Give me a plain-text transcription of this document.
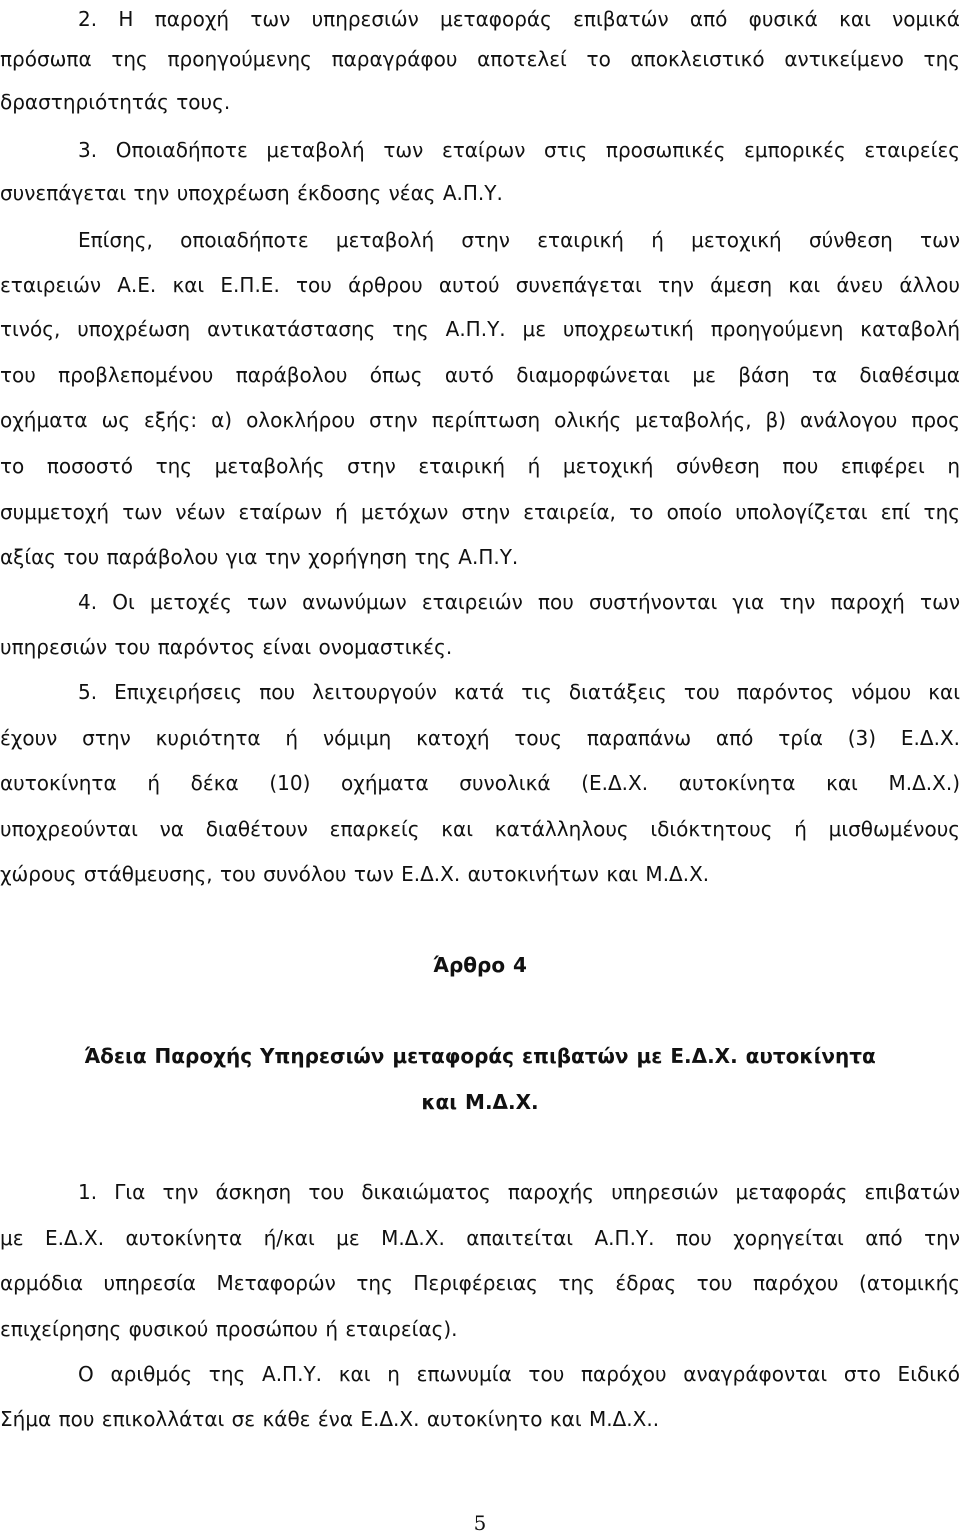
2. Η παροχή των υπηρεσιών μεταφοράς επιβατών από φυσικά και νομικά
πρόσωπα της προηγούμενης παραγράφου αποτελεί το αποκλειστικό αντικείμενο της
δραστηριότητάς τους.
3. Οποιαδήποτε μεταβολή των εταίρων στις προσωπικές εμπορικές εταιρείες
συνεπάγεται την υποχρέωση έκδοσης νέας Α.Π.Υ.
Επίσης, οποιαδήποτε μεταβολή στην εταιρική ή μετοχική σύνθεση των
εταιρειών Α.Ε. και Ε.Π.Ε. του άρθρου αυτού συνεπάγεται την άμεση και άνευ άλλου
τινός, υποχρέωση αντικατάστασης της Α.Π.Υ. με υποχρεωτική προηγούμενη καταβολή
του προβλεπομένου παράβολου όπως αυτό διαμορφώνεται με βάση τα διαθέσιμα
οχήματα ως εξής: α) ολοκλήρου στην περίπτωση ολικής μεταβολής, β) ανάλογου προς
το ποσοστό της μεταβολής στην εταιρική ή μετοχική σύνθεση που επιφέρει η
συμμετοχή των νέων εταίρων ή μετόχων στην εταιρεία, το οποίο υπολογίζεται επί της
αξίας του παράβολου για την χορήγηση της Α.Π.Υ.
4. Οι μετοχές των ανωνύμων εταιρειών που συστήνονται για την παροχή των
υπηρεσιών του παρόντος είναι ονομαστικές.
5. Επιχειρήσεις που λειτουργούν κατά τις διατάξεις του παρόντος νόμου και
έχουν στην κυριότητα ή νόμιμη κατοχή τους παραπάνω από τρία (3) Ε.Δ.Χ.
αυτοκίνητα ή δέκα (10) οχήματα συνολικά (Ε.Δ.Χ. αυτοκίνητα και Μ.Δ.Χ.)
υποχρεούνται να διαθέτουν επαρκείς και κατάλληλους ιδιόκτητους ή μισθωμένους
χώρους στάθμευσης, του συνόλου των Ε.Δ.Χ. αυτοκινήτων και Μ.Δ.Χ.
Άρθρο 4
Άδεια Παροχής Υπηρεσιών μεταφοράς επιβατών με Ε.Δ.Χ. αυτοκίνητα
και Μ.Δ.Χ.
1. Για την άσκηση του δικαιώματος παροχής υπηρεσιών μεταφοράς επιβατών
με Ε.Δ.Χ. αυτοκίνητα ή/και με Μ.Δ.Χ. απαιτείται Α.Π.Υ. που χορηγείται από την
αρμόδια υπηρεσία Μεταφορών της Περιφέρειας της έδρας του παρόχου (ατομικής
επιχείρησης φυσικού προσώπου ή εταιρείας).
Ο αριθμός της Α.Π.Υ. και η επωνυμία του παρόχου αναγράφονται στο Ειδικό
Σήμα που επικολλάται σε κάθε ένα Ε.Δ.Χ. αυτοκίνητο και Μ.Δ.Χ..
5
